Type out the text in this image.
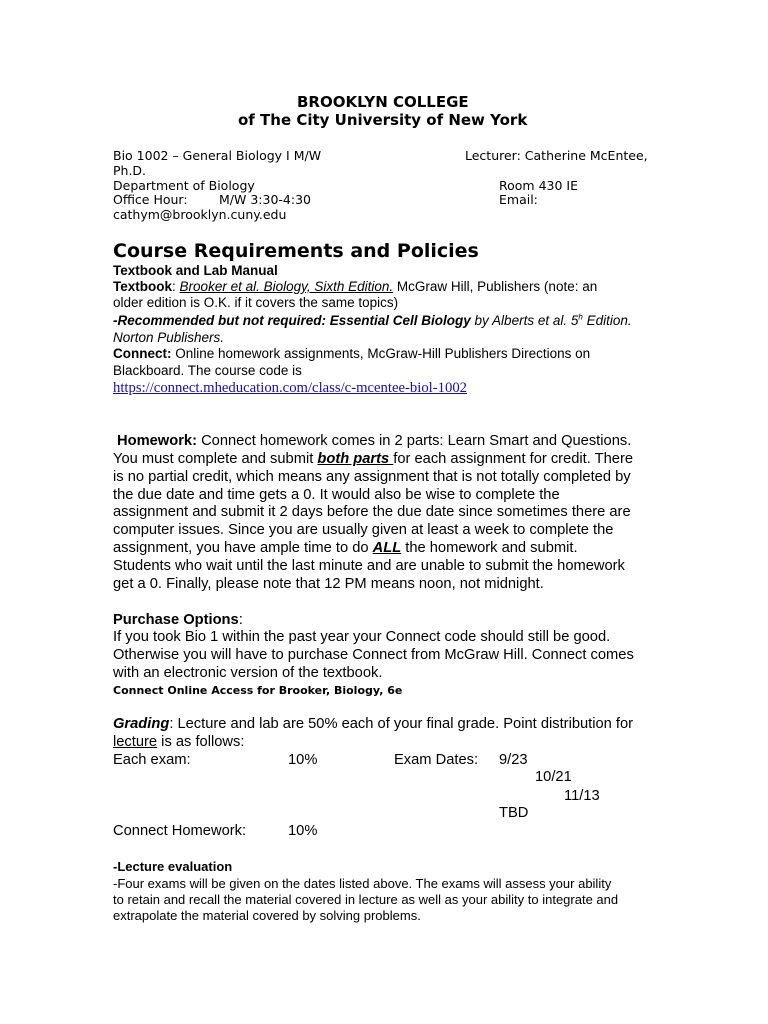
BROOKLYN COLLEGE
of The City University of New York
Bio 1002 – General Biology I M/W	Lecturer: Catherine McEntee,
Ph.D.
Department of Biology	Room 430 IE
Office Hour:	M/W 3:30-4:30	Email:
cathym@brooklyn.cuny.edu
Course Requirements and Policies
Textbook and Lab Manual
Textbook: Brooker et al. Biology, Sixth Edition. McGraw Hill, Publishers (note: an
older edition is O.K. if it covers the same topics)
-Recommended but not required: Essential Cell Biology by Alberts et al. 5$^h$ Edition.
Norton Publishers.
Connect: Online homework assignments, McGraw-Hill Publishers Directions on
Blackboard. The course code is
https://connect.mheducation.com/class/c-mcentee-biol-1002
Homework: Connect homework comes in 2 parts: Learn Smart and Questions.
You must complete and submit both parts for each assignment for credit. There
is no partial credit, which means any assignment that is not totally completed by
the due date and time gets a 0. It would also be wise to complete the
assignment and submit it 2 days before the due date since sometimes there are
computer issues. Since you are usually given at least a week to complete the
assignment, you have ample time to do ALL the homework and submit.
Students who wait until the last minute and are unable to submit the homework
get a 0. Finally, please note that 12 PM means noon, not midnight.
Purchase Options:
If you took Bio 1 within the past year your Connect code should still be good.
Otherwise you will have to purchase Connect from McGraw Hill. Connect comes
with an electronic version of the textbook.
Connect Online Access for Brooker, Biology, 6e
Grading: Lecture and lab are 50% each of your final grade. Point distribution for
lecture is as follows:
Each exam:	10%	Exam Dates: 9/23
10/21
11/13
TBD
Connect Homework:	10%
-Lecture evaluation
-Four exams will be given on the dates listed above. The exams will assess your ability
to retain and recall the material covered in lecture as well as your ability to integrate and
extrapolate the material covered by solving problems.
